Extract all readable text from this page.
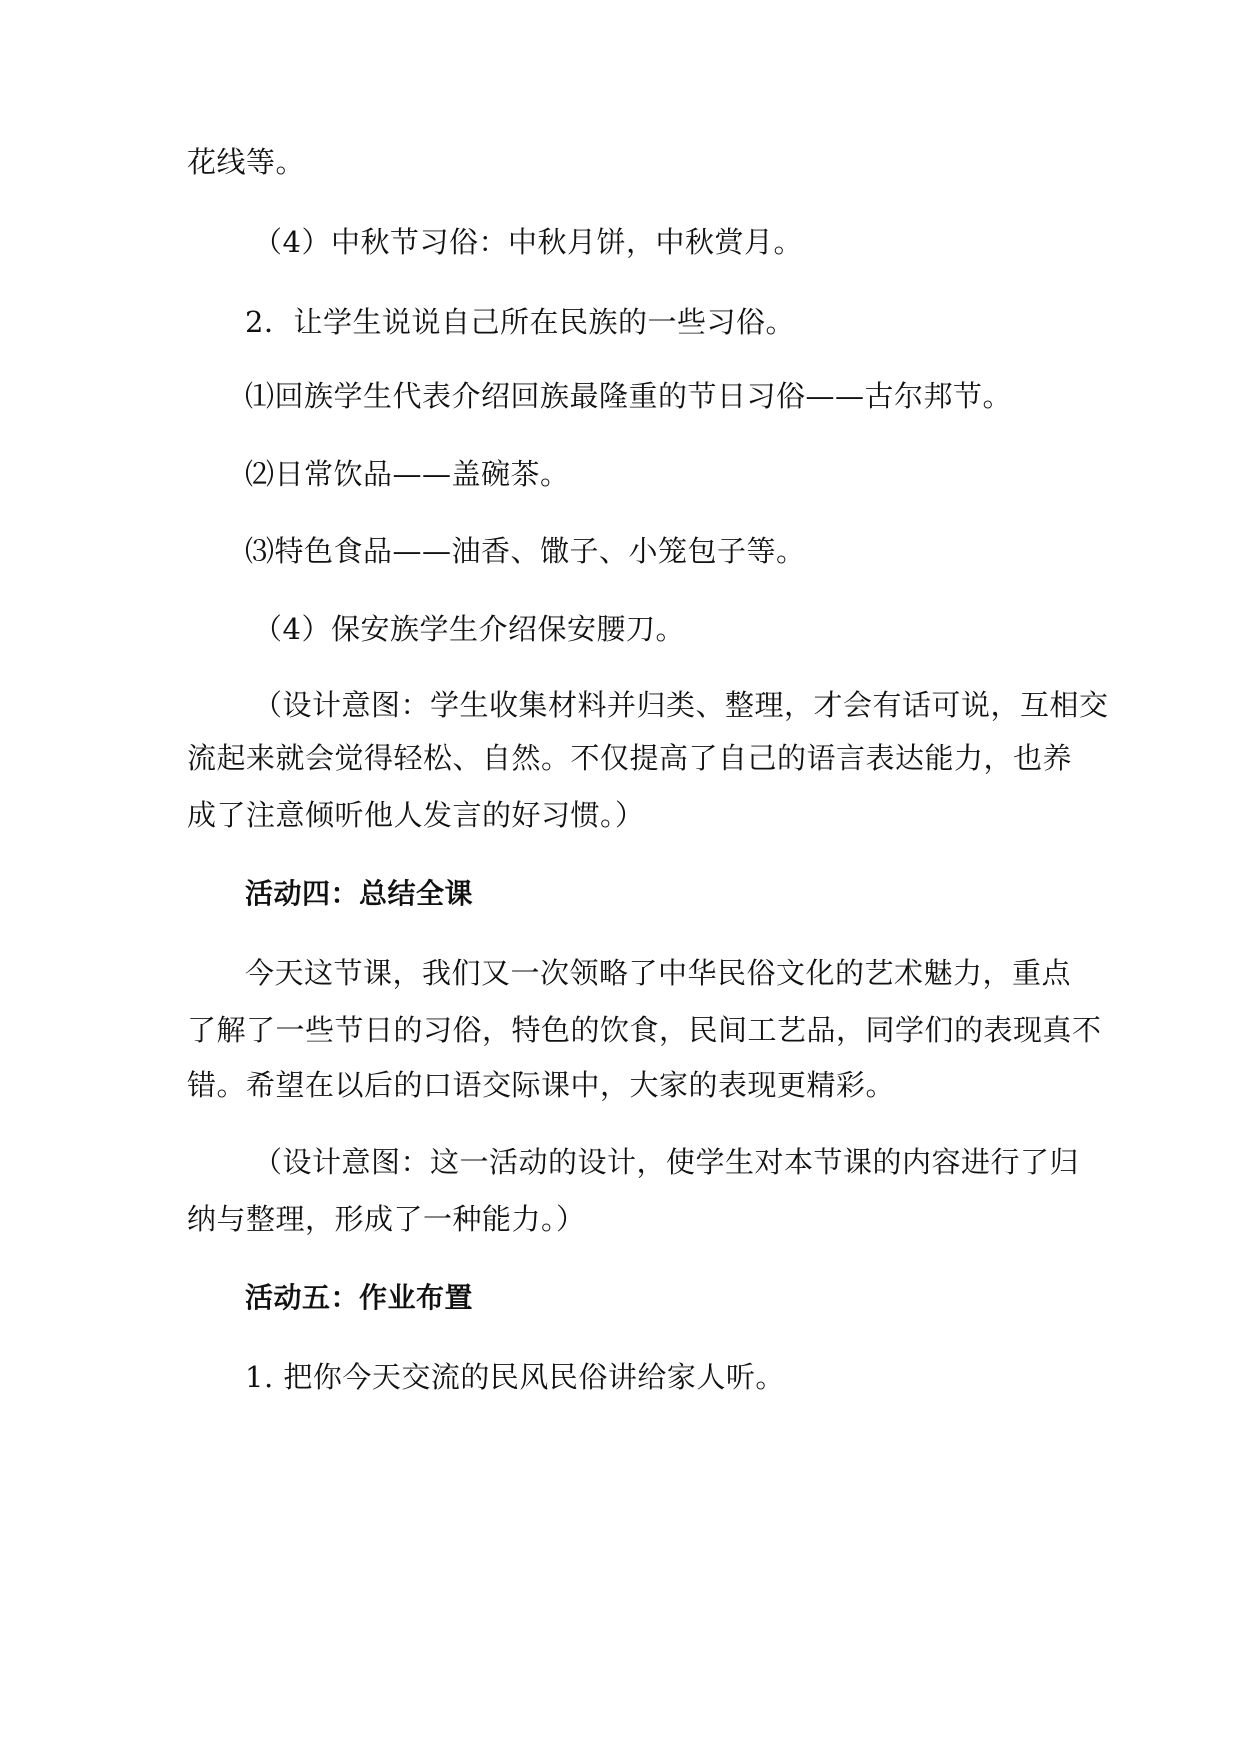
花线等。
（4）中秋节习俗：中秋月饼，中秋赏月。
2．让学生说说自己所在民族的一些习俗。
⑴回族学生代表介绍回族最隆重的节日习俗——古尔邦节。
⑵日常饮品——盖碗茶。
⑶特色食品——油香、馓子、小笼包子等。
（4）保安族学生介绍保安腰刀。
（设计意图：学生收集材料并归类、整理，才会有话可说，互相交
流起来就会觉得轻松、自然。不仅提高了自己的语言表达能力，也养
成了注意倾听他人发言的好习惯。）
活动四：总结全课
今天这节课，我们又一次领略了中华民俗文化的艺术魅力，重点
了解了一些节日的习俗，特色的饮食，民间工艺品，同学们的表现真不
错。希望在以后的口语交际课中，大家的表现更精彩。
（设计意图：这一活动的设计，使学生对本节课的内容进行了归
纳与整理，形成了一种能力。）
活动五：作业布置
1. 把你今天交流的民风民俗讲给家人听。
